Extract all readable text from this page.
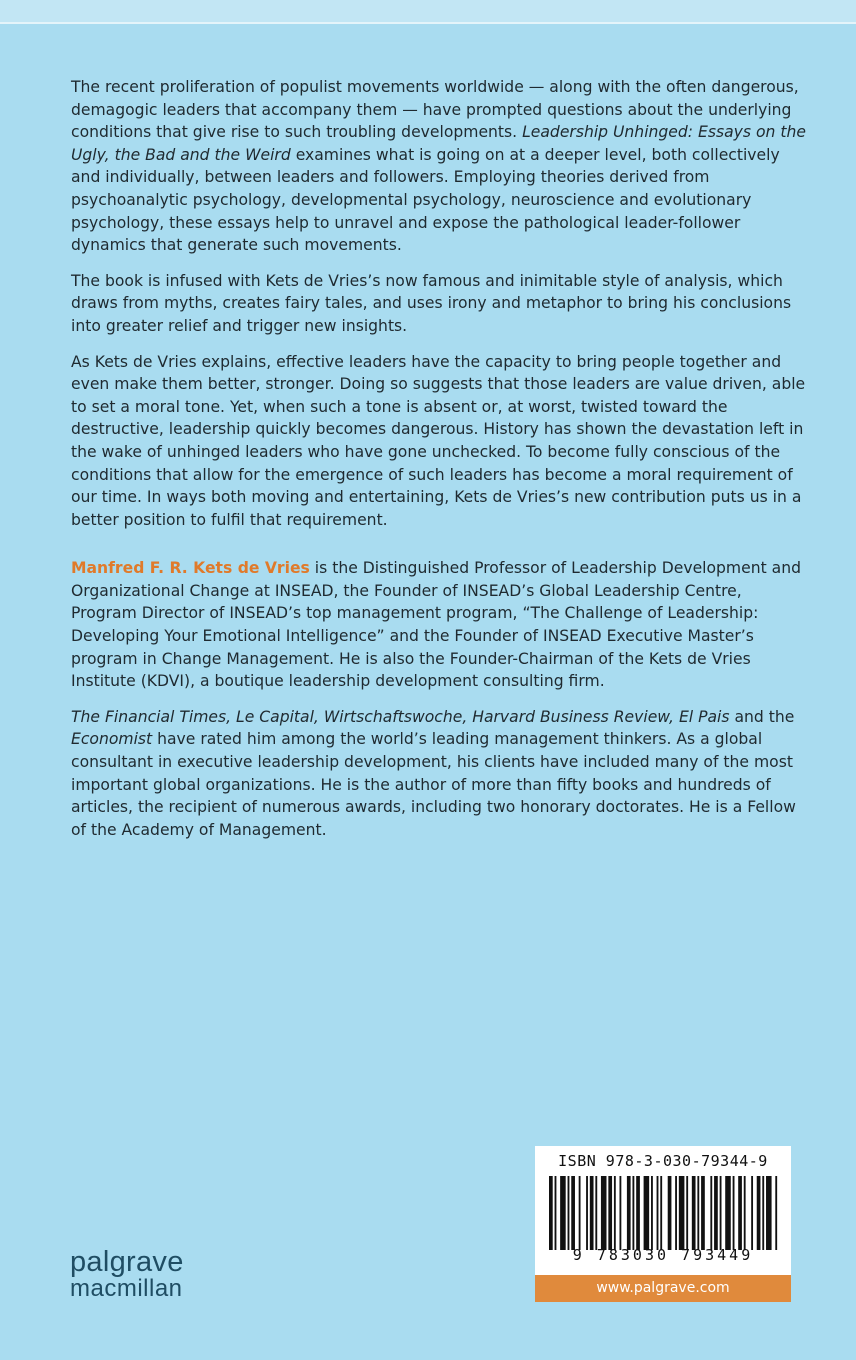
The recent proliferation of populist movements worldwide — along with the often dangerous, demagogic leaders that accompany them — have prompted questions about the underlying conditions that give rise to such troubling developments. Leadership Unhinged: Essays on the Ugly, the Bad and the Weird examines what is going on at a deeper level, both collectively and individually, between leaders and followers. Employing theories derived from psychoanalytic psychology, developmental psychology, neuroscience and evolutionary psychology, these essays help to unravel and expose the pathological leader-follower dynamics that generate such movements.

The book is infused with Kets de Vries’s now famous and inimitable style of analysis, which draws from myths, creates fairy tales, and uses irony and metaphor to bring his conclusions into greater relief and trigger new insights.

As Kets de Vries explains, effective leaders have the capacity to bring people together and even make them better, stronger. Doing so suggests that those leaders are value driven, able to set a moral tone. Yet, when such a tone is absent or, at worst, twisted toward the destructive, leadership quickly becomes dangerous. History has shown the devastation left in the wake of unhinged leaders who have gone unchecked. To become fully conscious of the conditions that allow for the emergence of such leaders has become a moral requirement of our time. In ways both moving and entertaining, Kets de Vries’s new contribution puts us in a better position to fulfil that requirement.

Manfred F. R. Kets de Vries is the Distinguished Professor of Leadership Development and Organizational Change at INSEAD, the Founder of INSEAD’s Global Leadership Centre, Program Director of INSEAD’s top management program, “The Challenge of Leadership: Developing Your Emotional Intelligence” and the Founder of INSEAD Executive Master’s program in Change Management. He is also the Founder-Chairman of the Kets de Vries Institute (KDVI), a boutique leadership development consulting firm.

The Financial Times, Le Capital, Wirtschaftswoche, Harvard Business Review, El Pais and the Economist have rated him among the world’s leading management thinkers. As a global consultant in executive leadership development, his clients have included many of the most important global organizations. He is the author of more than fifty books and hundreds of articles, the recipient of numerous awards, including two honorary doctorates. He is a Fellow of the Academy of Management.

ISBN 978-3-030-79344-9
9 783030 793449
www.palgrave.com
palgrave
macmillan
